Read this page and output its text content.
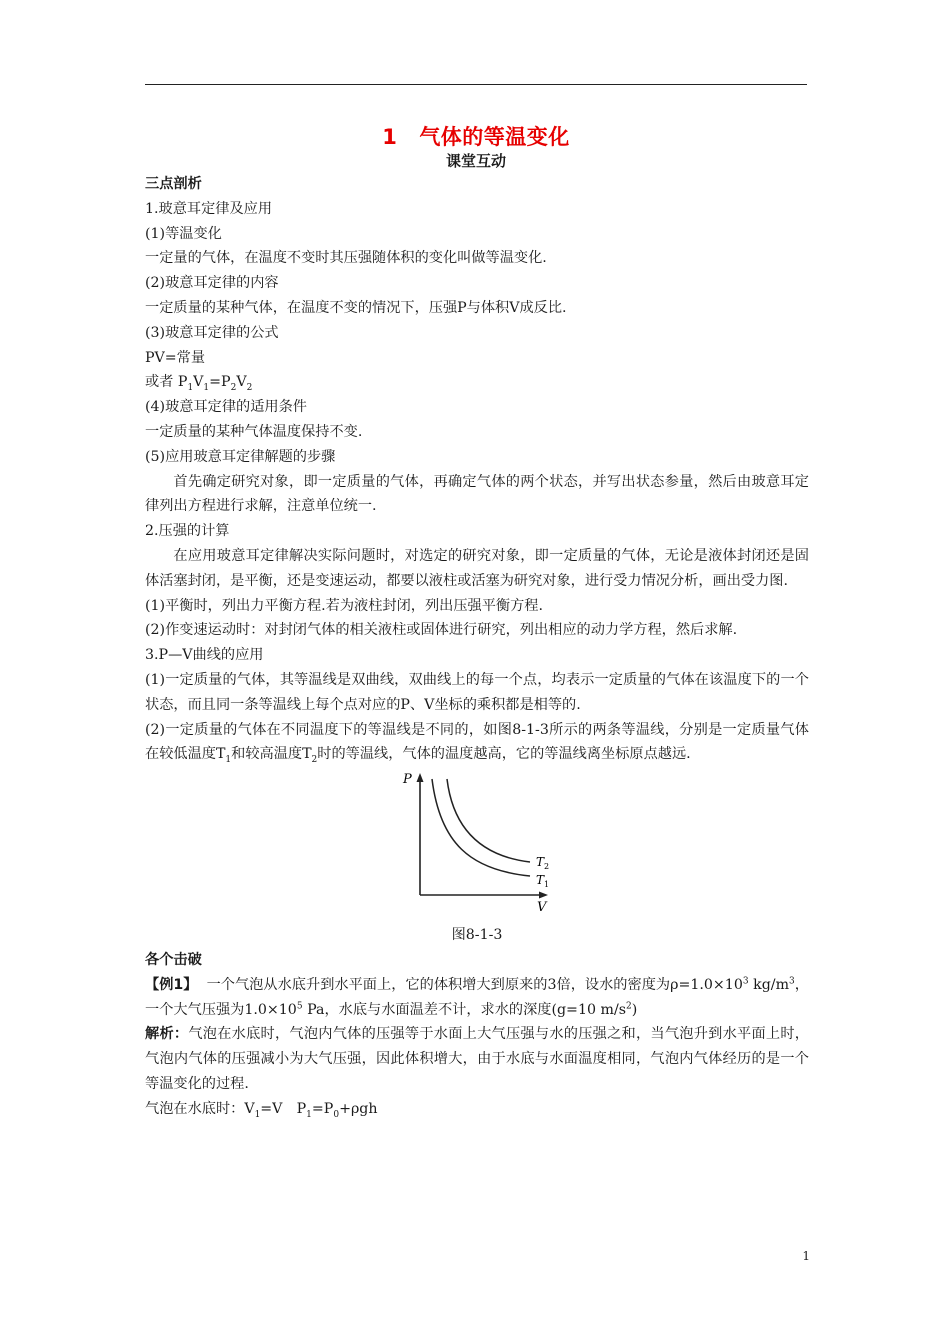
1 气体的等温变化
课堂互动

三点剖析

1.玻意耳定律及应用

(1)等温变化

一定量的气体，在温度不变时其压强随体积的变化叫做等温变化.

(2)玻意耳定律的内容

一定质量的某种气体，在温度不变的情况下，压强P与体积V成反比.

(3)玻意耳定律的公式

PV=常量

或者 $P_1V_1=P_2V_2$

(4)玻意耳定律的适用条件

一定质量的某种气体温度保持不变.

(5)应用玻意耳定律解题的步骤

首先确定研究对象，即一定质量的气体，再确定气体的两个状态，并写出状态参量，然后由玻意耳定律列出方程进行求解，注意单位统一.

2.压强的计算

在应用玻意耳定律解决实际问题时，对选定的研究对象，即一定质量的气体，无论是液体封闭还是固体活塞封闭，是平衡，还是变速运动，都要以液柱或活塞为研究对象，进行受力情况分析，画出受力图.

(1)平衡时，列出力平衡方程.若为液柱封闭，列出压强平衡方程.

(2)作变速运动时：对封闭气体的相关液柱或固体进行研究，列出相应的动力学方程，然后求解.

3.P—V曲线的应用

(1)一定质量的气体，其等温线是双曲线，双曲线上的每一个点，均表示一定质量的气体在该温度下的一个状态，而且同一条等温线上每个点对应的P、V坐标的乘积都是相等的.

(2)一定质量的气体在不同温度下的等温线是不同的，如图8-1-3所示的两条等温线，分别是一定质量气体在较低温度$T_1$和较高温度$T_2$时的等温线，气体的温度越高，它的等温线离坐标原点越远.

P
V
$T_2$
$T_1$

图8-1-3

各个击破

【例1】 一个气泡从水底升到水平面上，它的体积增大到原来的3倍，设水的密度为$\rho=1.0\times 10^3$ $kg/m^3$，一个大气压强为$1.0\times 10^5$ Pa，水底与水面温差不计，求水的深度(g=10 $m/s^2$)

解析：气泡在水底时，气泡内气体的压强等于水面上大气压强与水的压强之和，当气泡升到水平面上时，气泡内气体的压强减小为大气压强，因此体积增大，由于水底与水面温度相同，气泡内气体经历的是一个等温变化的过程.

气泡在水底时：$V_1=V$　$P_1=P_0+\rho gh$

1
